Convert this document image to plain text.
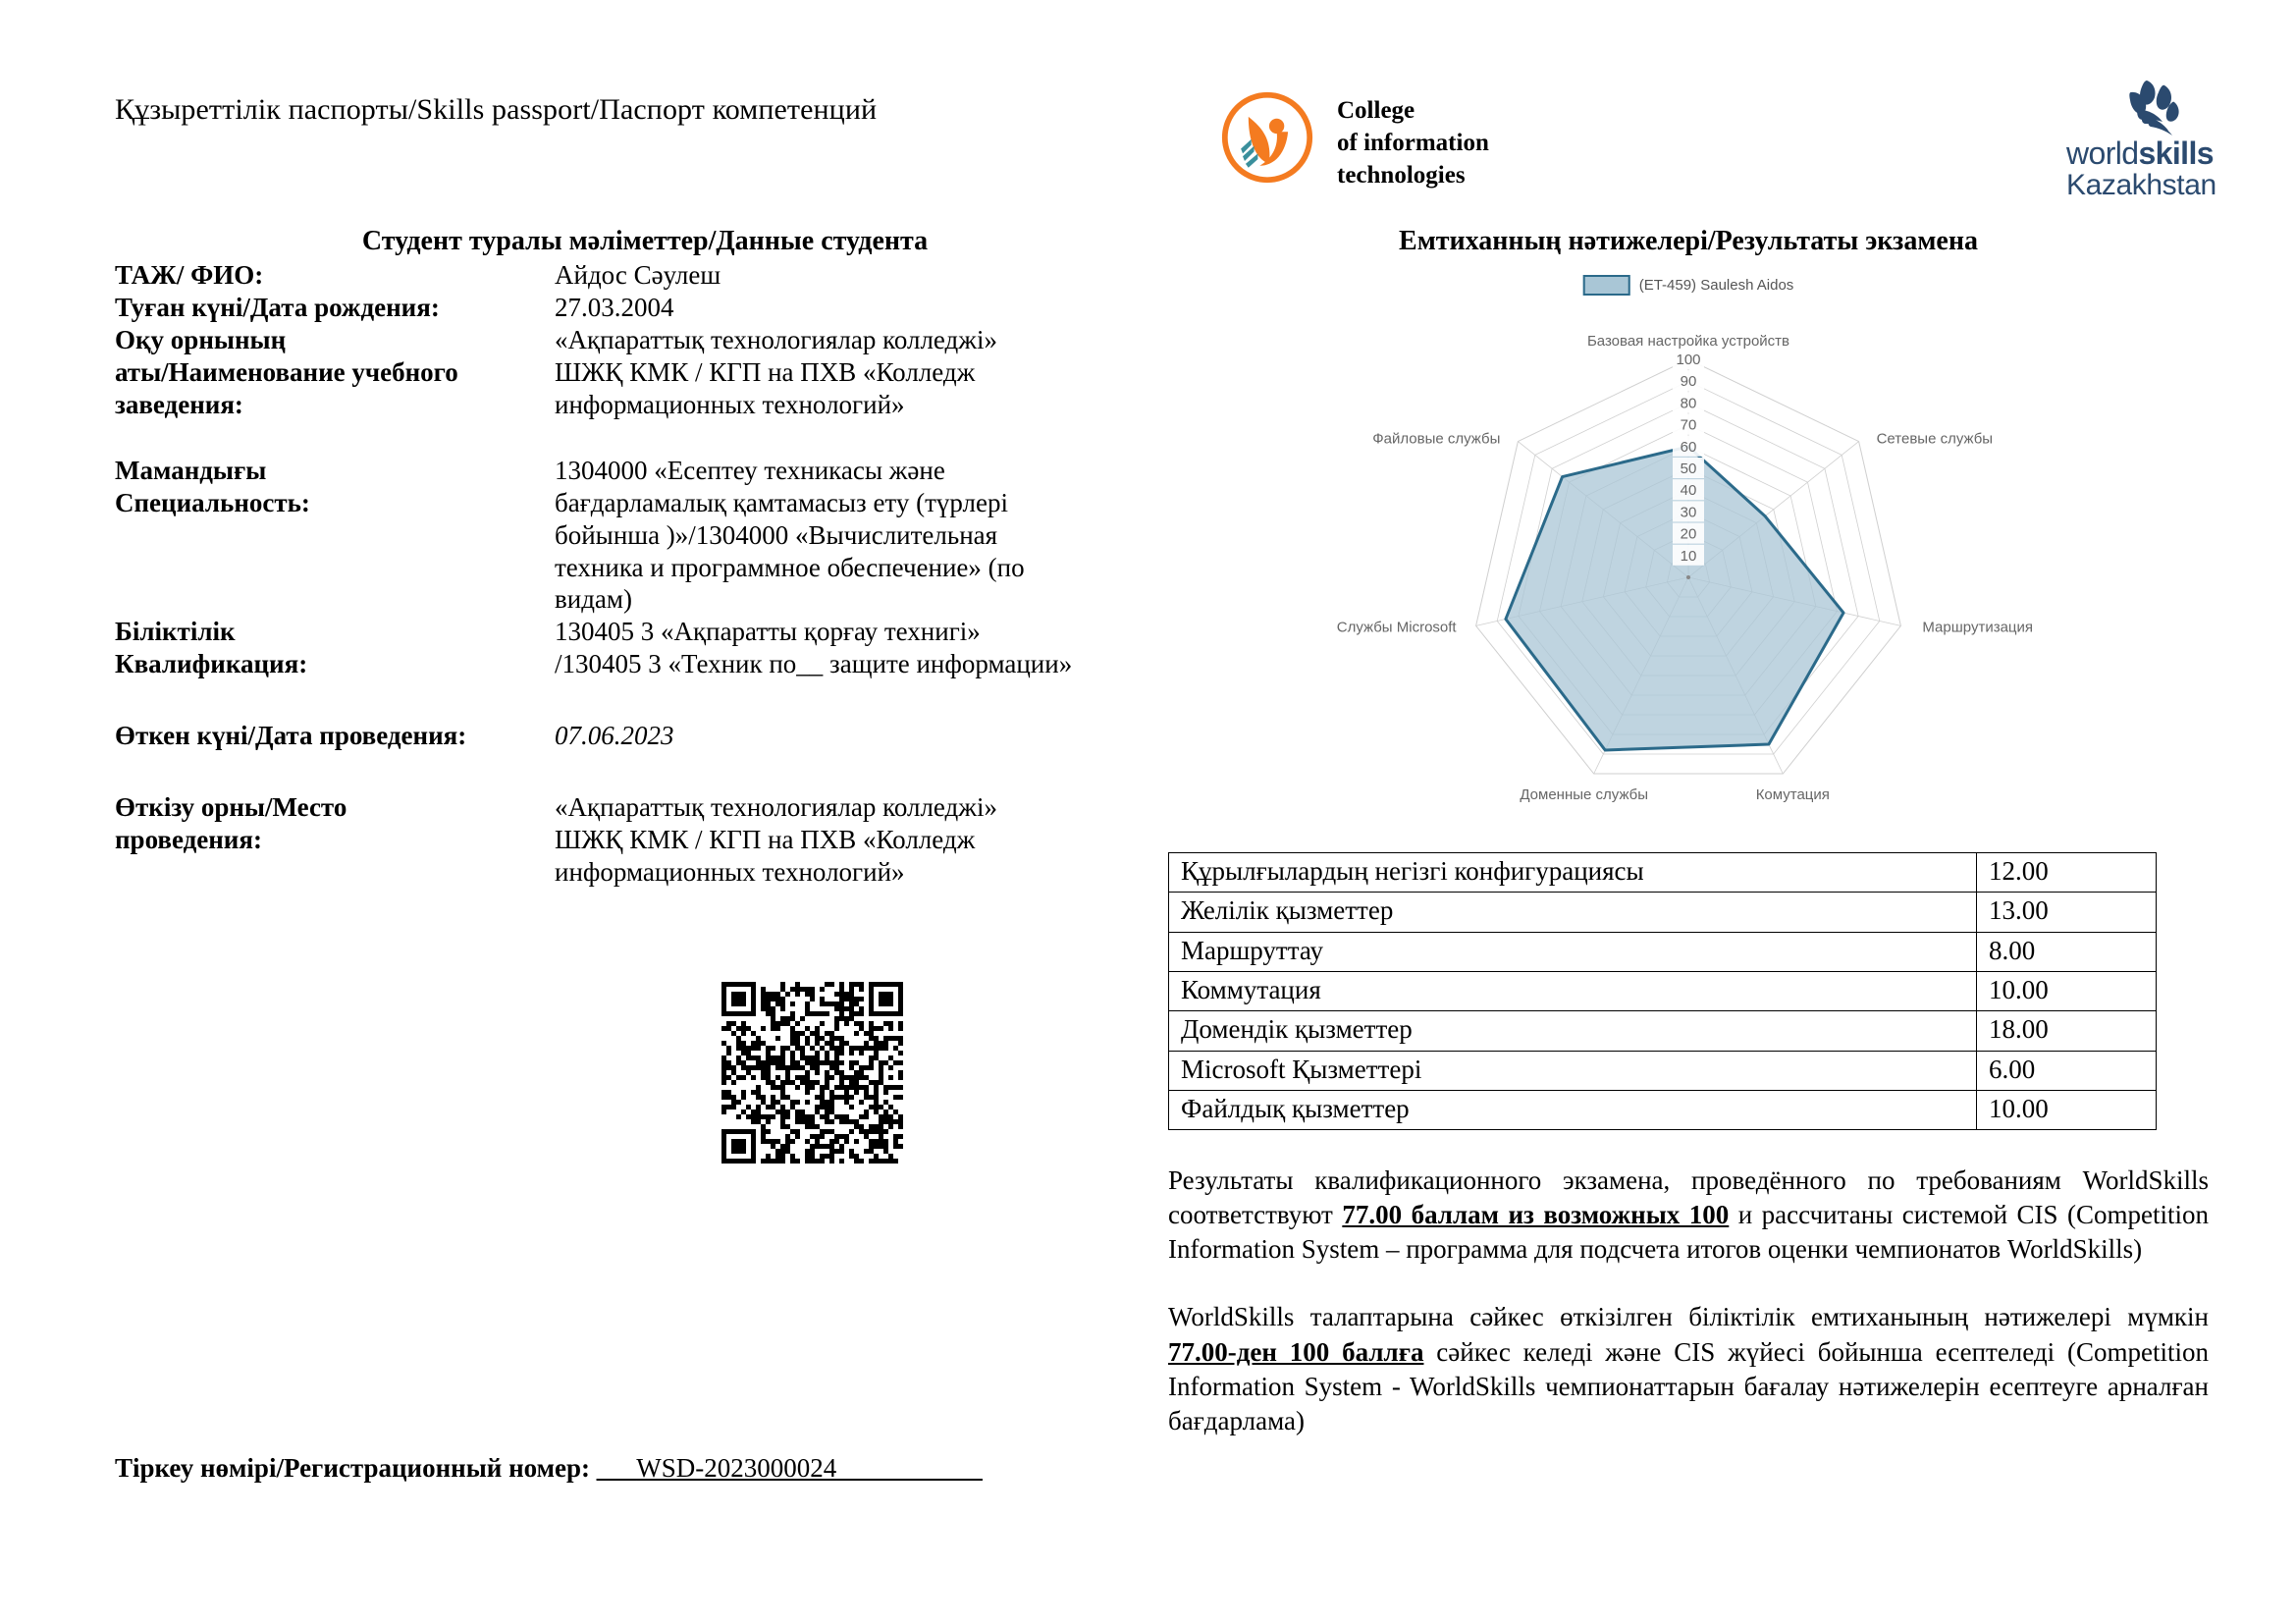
Құзыреттілік паспорты/Skills passport/Паспорт компетенций	College
of information
technologies
worldskills
Kazakhstan
Студент туралы мәліметтер/Данные студента
ТАЖ/ ФИО:	Айдос Сәулеш
Туған күні/Дата рождения:	27.03.2004
Оқу орнының
аты/Наименование учебного
заведения:
«Ақпараттық технологиялар колледжі»
ШЖҚ КМК / КГП на ПХВ «Колледж
информационных технологий»
Мамандығы
Специальность:
1304000 «Есептеу техникасы және
бағдарламалық қамтамасыз ету (түрлері
бойынша )»/1304000 «Вычислительная
техника и программное обеспечение» (по
видам)
Біліктілік
Квалификация:
130405 3 «Ақпаратты қорғау технигі»
/130405 3 «Техник по__ защите информации»
Өткен күні/Дата проведения:	07.06.2023
Өткізу орны/Место
проведения:
«Ақпараттық технологиялар колледжі»
ШЖҚ КМК / КГП на ПХВ «Колледж
информационных технологий»
Тіркеу нөмірі/Регистрационный номер: ___WSD-2023000024___________
Емтиханның нәтижелері/Результаты экзамена
(ET-459) Saulesh Aidos
10
20
30
40
50
60
70
80
90
100
Базовая настройка устройств
Сетевые службы
Маршрутизация
Комутация
Доменные службы
Службы Microsoft
Файловые службы
Құрылғылардың негізгі конфигурациясы	12.00
Желілік қызметтер	13.00
Маршруттау	8.00
Коммутация	10.00
Домендік қызметтер	18.00
Microsoft Қызметтері	6.00
Файлдық қызметтер	10.00
Результаты квалификационного экзамена, проведённого по требованиям WorldSkills соответствуют 77.00 баллам из возможных 100 и рассчитаны системой CIS (Competition Information System – программа для подсчета итогов оценки чемпионатов WorldSkills)
WorldSkills талаптарына сәйкес өткізілген біліктілік емтиханының нәтижелері мүмкін 77.00-ден 100 баллға сәйкес келеді және CIS жүйесі бойынша есептеледі (Competition Information System - WorldSkills чемпионаттарын бағалау нәтижелерін есептеуге арналған бағдарлама)
